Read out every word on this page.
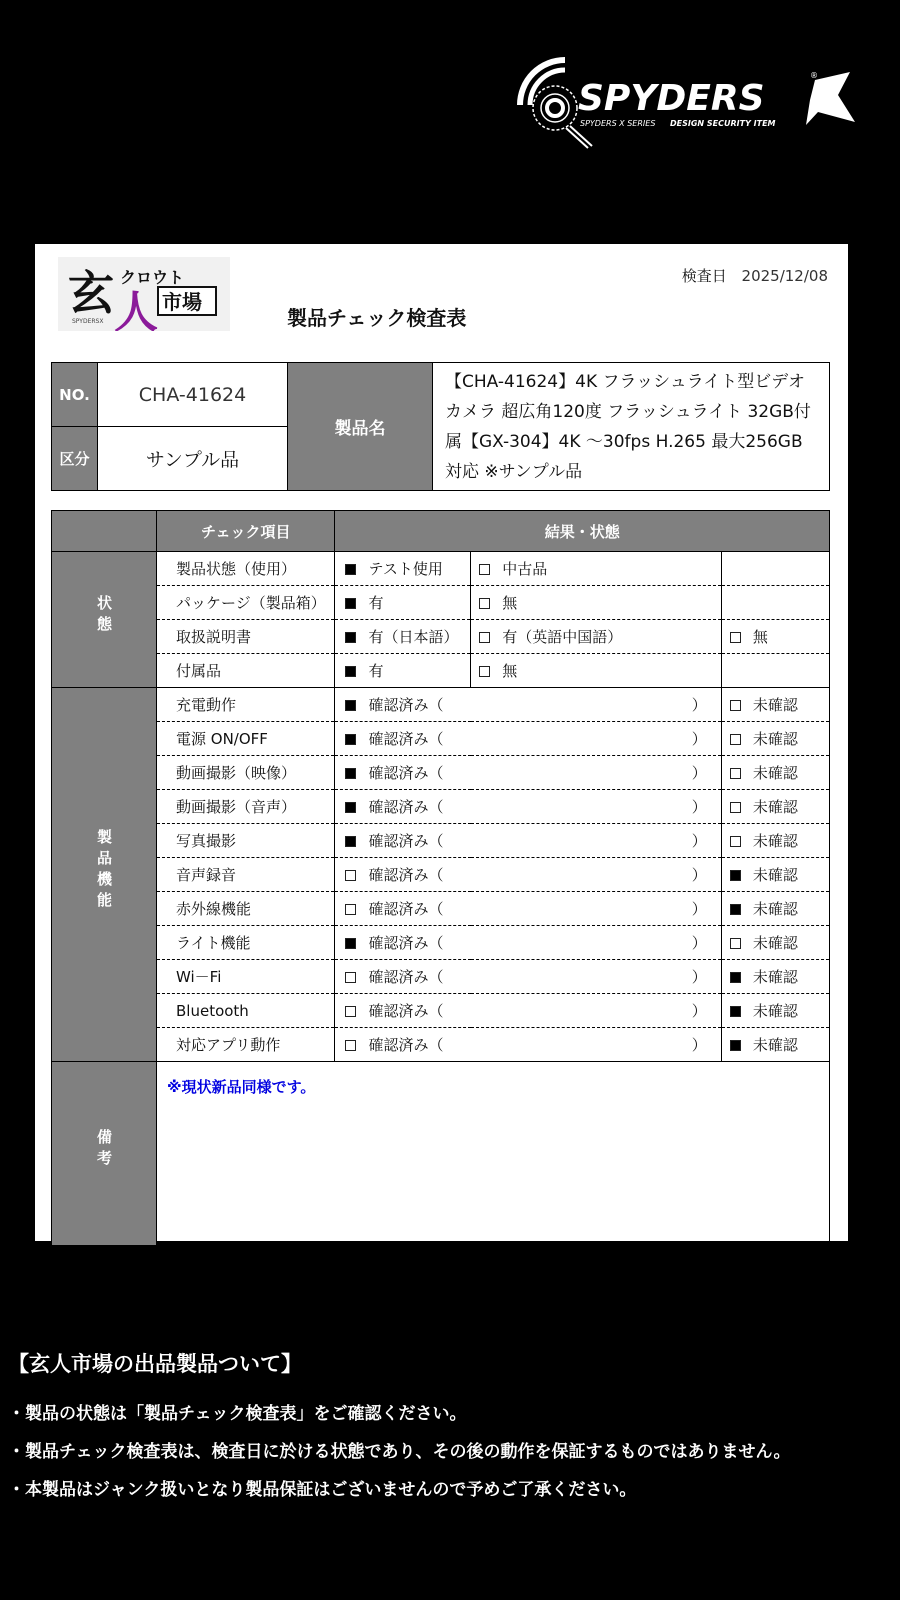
SPYDERS
®
SPYDERS X SERIES DESIGN SECURITY ITEM
玄 クロウト
人 市場
SPYDERSX
検査日 2025/12/08
製品チェック検査表
NO.	CHA-41624	製品名	【CHA-41624】4K フラッシュライト型ビデオカメラ 超広角120度 フラッシュライト 32GB付属【GX-304】4K ～30fps H.265 最大256GB対応 ※サンプル品
区分	サンプル品		
	チェック項目	結果・状態		
状態	製品状態（使用）	テスト使用	中古品	
	パッケージ（製品箱）	有	無	
	取扱説明書	有（日本語）	有（英語中国語）	無
	付属品	有	無	
製品機能	充電動作	確認済み（ ）		未確認
	電源 ON/OFF	確認済み（ ）		未確認
	動画撮影（映像）	確認済み（ ）		未確認
	動画撮影（音声）	確認済み（ ）		未確認
	写真撮影	確認済み（ ）		未確認
	音声録音	確認済み（ ）		未確認
	赤外線機能	確認済み（ ）		未確認
	ライト機能	確認済み（ ）		未確認
	Wi－Fi	確認済み（ ）		未確認
	Bluetooth	確認済み（ ）		未確認
	対応アプリ動作	確認済み（ ）		未確認
備考	※現状新品同様です。			
【玄人市場の出品製品ついて】

・製品の状態は「製品チェック検査表」をご確認ください。

・製品チェック検査表は、検査日に於ける状態であり、その後の動作を保証するものではありません。

・本製品はジャンク扱いとなり製品保証はございませんので予めご了承ください。
